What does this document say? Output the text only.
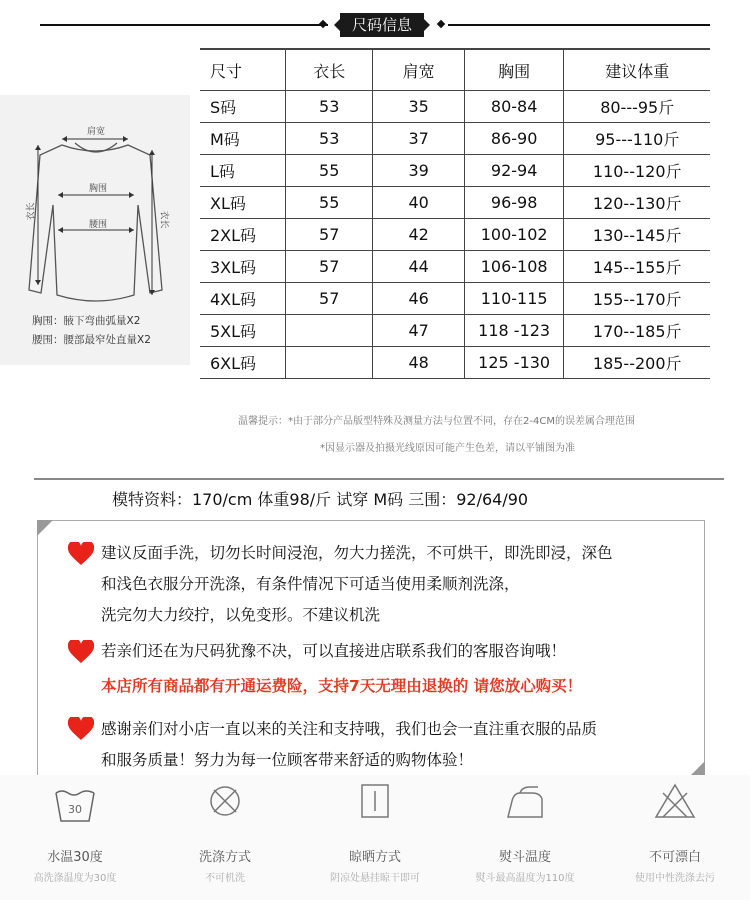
尺码信息
肩宽
胸围
腰围
衣长	衣长
胸围：腋下弯曲弧量X2
腰围：腰部最窄处直量X2
尺寸	衣长	肩宽	胸围	建议体重
S码	53	35	80-84	80---95斤
M码	53	37	86-90	95---110斤
L码	55	39	92-94	110--120斤
XL码	55	40	96-98	120--130斤
2XL码	57	42	100-102	130--145斤
3XL码	57	44	106-108	145--155斤
4XL码	57	46	110-115	155--170斤
5XL码		47	118 -123	170--185斤
6XL码		48	125 -130	185--200斤
温馨提示：*由于部分产品版型特殊及测量方法与位置不同，存在2-4CM的误差属合理范围
*因显示器及拍摄光线原因可能产生色差，请以平铺图为准
模特资料：170/cm 体重98/斤 试穿 M码 三围：92/64/90
建议反面手洗，切勿长时间浸泡，勿大力搓洗，不可烘干，即洗即浸，深色
和浅色衣服分开洗涤，有条件情况下可适当使用柔顺剂洗涤，
洗完勿大力绞拧，以免变形。不建议机洗
若亲们还在为尺码犹豫不决，可以直接进店联系我们的客服咨询哦！
本店所有商品都有开通运费险，支持7天无理由退换的 请您放心购买！
感谢亲们对小店一直以来的关注和支持哦，我们也会一直注重衣服的品质
和服务质量！努力为每一位顾客带来舒适的购物体验！
30
水温30度
高洗涤温度为30度
洗涤方式
不可机洗
晾晒方式
阴凉处悬挂晾干即可
熨斗温度
熨斗最高温度为110度
不可漂白
使用中性洗涤去污
